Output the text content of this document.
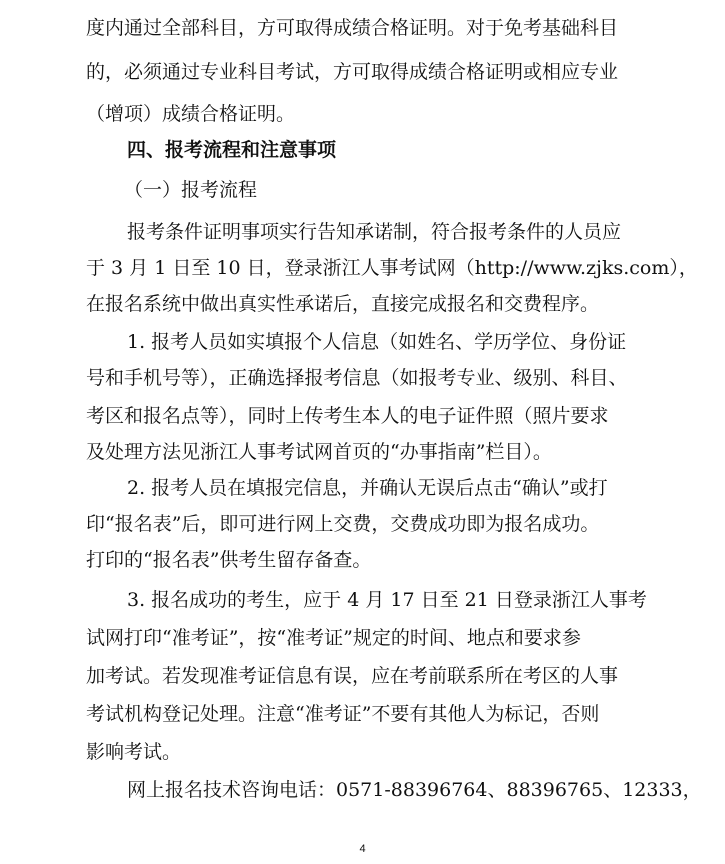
度内通过全部科目，方可取得成绩合格证明。对于免考基础科目
的，必须通过专业科目考试，方可取得成绩合格证明或相应专业
（增项）成绩合格证明。
四、报考流程和注意事项
（一）报考流程
报考条件证明事项实行告知承诺制，符合报考条件的人员应
于 3 月 1 日至 10 日，登录浙江人事考试网（http://www.zjks.com），
在报名系统中做出真实性承诺后，直接完成报名和交费程序。
1. 报考人员如实填报个人信息（如姓名、学历学位、身份证
号和手机号等），正确选择报考信息（如报考专业、级别、科目、
考区和报名点等），同时上传考生本人的电子证件照（照片要求
及处理方法见浙江人事考试网首页的“办事指南”栏目）。
2. 报考人员在填报完信息，并确认无误后点击“确认”或打
印“报名表”后，即可进行网上交费，交费成功即为报名成功。
打印的“报名表”供考生留存备查。
3. 报名成功的考生，应于 4 月 17 日至 21 日登录浙江人事考
试网打印“准考证”，按“准考证”规定的时间、地点和要求参
加考试。若发现准考证信息有误，应在考前联系所在考区的人事
考试机构登记处理。注意“准考证”不要有其他人为标记，否则
影响考试。
网上报名技术咨询电话：0571-88396764、88396765、12333，
4
